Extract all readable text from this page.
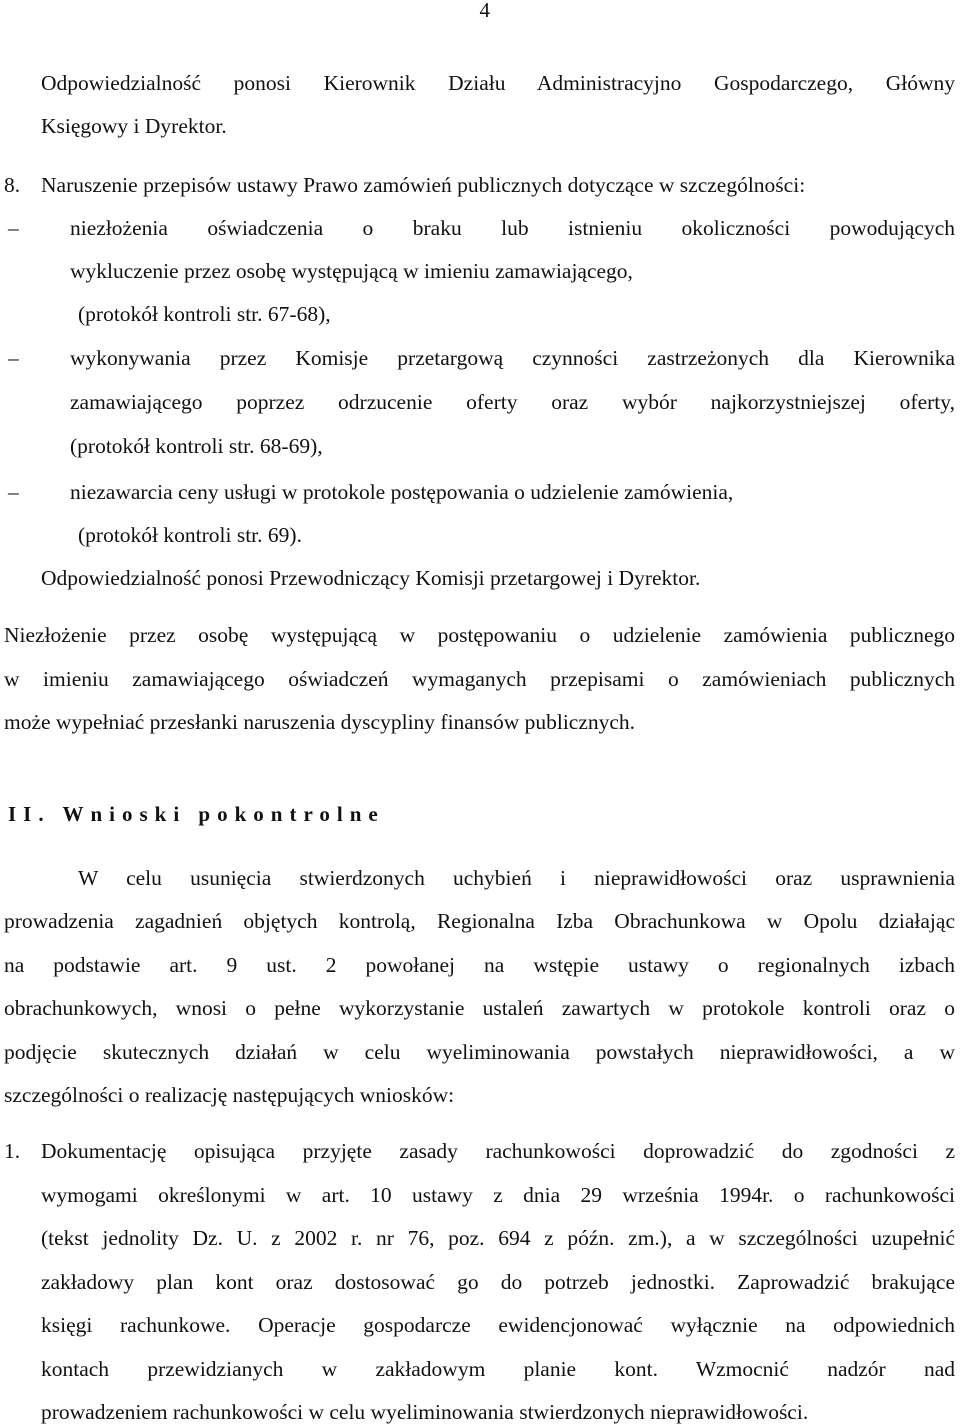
4
Odpowiedzialność ponosi Kierownik Działu Administracyjno Gospodarczego, Główny
Księgowy i Dyrektor.
8. Naruszenie przepisów ustawy Prawo zamówień publicznych dotyczące w szczególności:
– niezłożenia oświadczenia o braku lub istnieniu okoliczności powodujących
wykluczenie przez osobę występującą w imieniu zamawiającego,
(protokół kontroli str. 67-68),
– wykonywania przez Komisje przetargową czynności zastrzeżonych dla Kierownika
zamawiającego poprzez odrzucenie oferty oraz wybór najkorzystniejszej oferty,
(protokół kontroli str. 68-69),
– niezawarcia ceny usługi w protokole postępowania o udzielenie zamówienia,
(protokół kontroli str. 69).
Odpowiedzialność ponosi Przewodniczący Komisji przetargowej i Dyrektor.
Niezłożenie przez osobę występującą w postępowaniu o udzielenie zamówienia publicznego
w imieniu zamawiającego oświadczeń wymaganych przepisami o zamówieniach publicznych
może wypełniać przesłanki naruszenia dyscypliny finansów publicznych.
II. Wnioski pokontrolne
W celu usunięcia stwierdzonych uchybień i nieprawidłowości oraz usprawnienia
prowadzenia zagadnień objętych kontrolą, Regionalna Izba Obrachunkowa w Opolu działając
na podstawie art. 9 ust. 2 powołanej na wstępie ustawy o regionalnych izbach
obrachunkowych, wnosi o pełne wykorzystanie ustaleń zawartych w protokole kontroli oraz o
podjęcie skutecznych działań w celu wyeliminowania powstałych nieprawidłowości, a w
szczególności o realizację następujących wniosków:
1. Dokumentację opisująca przyjęte zasady rachunkowości doprowadzić do zgodności z
wymogami określonymi w art. 10 ustawy z dnia 29 września 1994r. o rachunkowości
(tekst jednolity Dz. U. z 2002 r. nr 76, poz. 694 z późn. zm.), a w szczególności uzupełnić
zakładowy plan kont oraz dostosować go do potrzeb jednostki. Zaprowadzić brakujące
księgi rachunkowe. Operacje gospodarcze ewidencjonować wyłącznie na odpowiednich
kontach przewidzianych w zakładowym planie kont. Wzmocnić nadzór nad
prowadzeniem rachunkowości w celu wyeliminowania stwierdzonych nieprawidłowości.
